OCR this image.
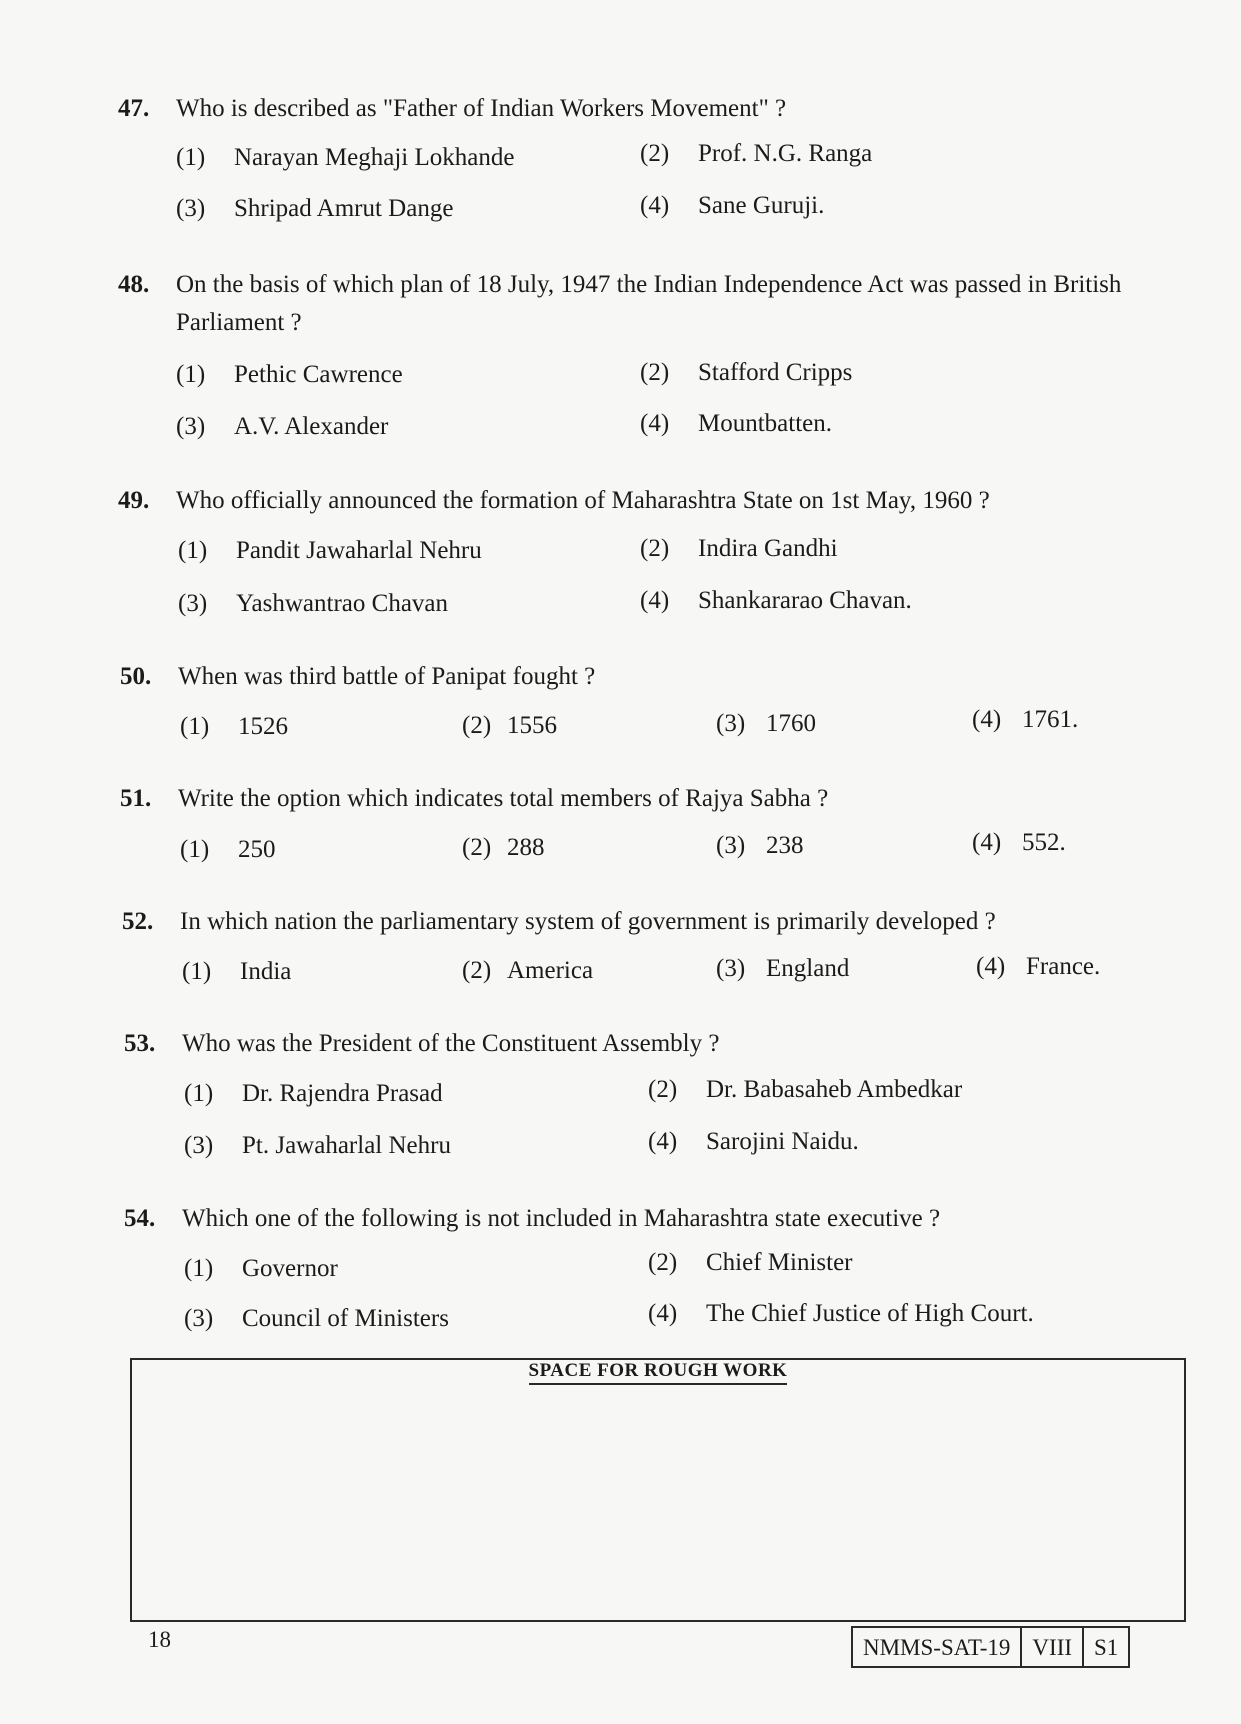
47. Who is described as "Father of Indian Workers Movement" ?
(1) Narayan Meghaji Lokhande	(2) Prof. N.G. Ranga
(3) Shripad Amrut Dange	(4) Sane Guruji.
48. On the basis of which plan of 18 July, 1947 the Indian Independence Act was passed in British Parliament ?
(1) Pethic Cawrence	(2) Stafford Cripps
(3) A.V. Alexander	(4) Mountbatten.
49. Who officially announced the formation of Maharashtra State on 1st May, 1960 ?
(1) Pandit Jawaharlal Nehru	(2) Indira Gandhi
(3) Yashwantrao Chavan	(4) Shankararao Chavan.
50. When was third battle of Panipat fought ?
(1) 1526	(2) 1556	(3) 1760	(4) 1761.
51. Write the option which indicates total members of Rajya Sabha ?
(1) 250	(2) 288	(3) 238	(4) 552.
52. In which nation the parliamentary system of government is primarily developed ?
(1) India	(2) America	(3) England	(4) France.
53. Who was the President of the Constituent Assembly ?
(1) Dr. Rajendra Prasad	(2) Dr. Babasaheb Ambedkar
(3) Pt. Jawaharlal Nehru	(4) Sarojini Naidu.
54. Which one of the following is not included in Maharashtra state executive ?
(1) Governor	(2) Chief Minister
(3) Council of Ministers	(4) The Chief Justice of High Court.
SPACE FOR ROUGH WORK
18	NMMS-SAT-19 VIII S1
